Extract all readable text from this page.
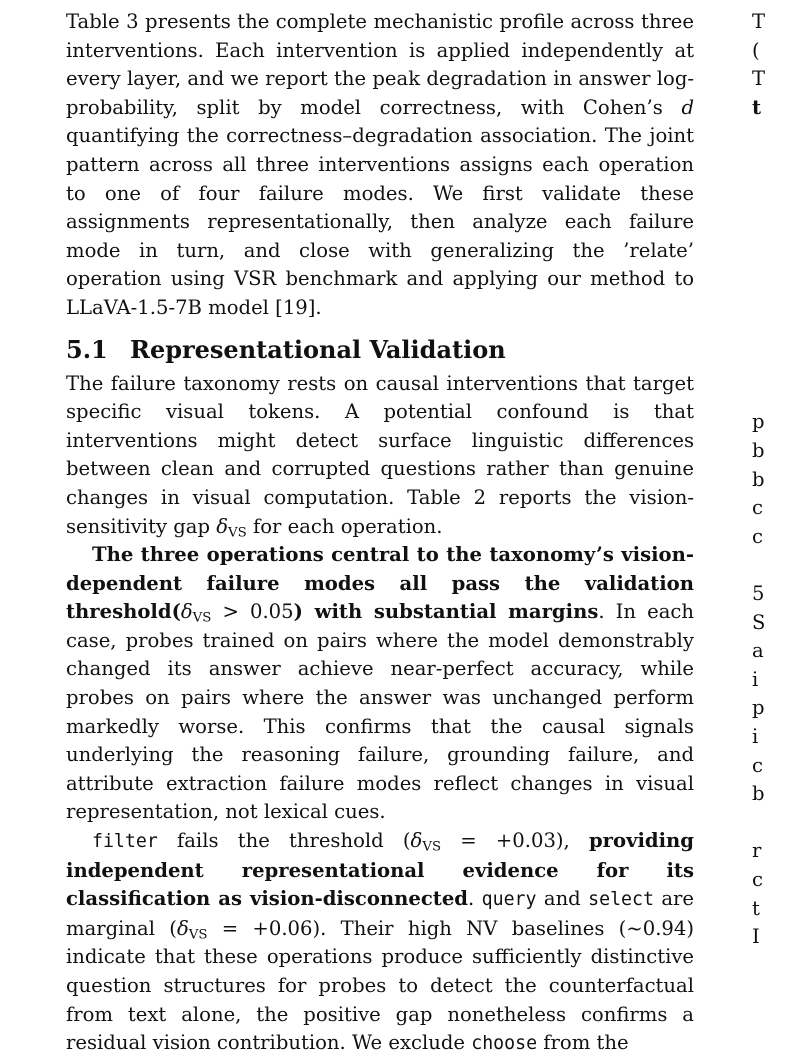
Table 3 presents the complete mechanistic profile across three interventions. Each intervention is applied independently at every layer, and we report the peak degradation in answer log-probability, split by model correctness, with Cohen’s d quantifying the correctness–degradation association. The joint pattern across all three interventions assigns each operation to one of four failure modes. We first validate these assignments representationally, then analyze each failure mode in turn, and close with generalizing the ’relate’ operation using VSR benchmark and applying our method to LLaVA-1.5-7B model [19].

5.1 Representational Validation

The failure taxonomy rests on causal interventions that target specific visual tokens. A potential confound is that interventions might detect surface linguistic differences between clean and corrupted questions rather than genuine changes in visual computation. Table 2 reports the vision-sensitivity gap $\delta_{VS}$ for each operation.

The three operations central to the taxonomy’s vision-dependent failure modes all pass the validation $threshold(\delta_{VS} > 0.05)$ with substantial margins. In each case, probes trained on pairs where the model demonstrably changed its answer achieve near-perfect accuracy, while probes on pairs where the answer was unchanged perform markedly worse. This confirms that the causal signals underlying the reasoning failure, grounding failure, and attribute extraction failure modes reflect changes in visual representation, not lexical cues.

filter fails the threshold $(\delta_{VS} = +0.03)$, providing independent representational evidence for its classification as vision-disconnected. query and select are marginal $(\delta_{VS} = +0.06)$. Their high NV baselines (~0.94) indicate that these operations produce sufficiently distinctive question structures for probes to detect the counterfactual from text alone, the positive gap nonetheless confirms a residual vision contribution. We exclude choose from the

T
(
T
t
p
b
b
c
c
5
S
a
i
p
i
c
b
r
c
t
I
